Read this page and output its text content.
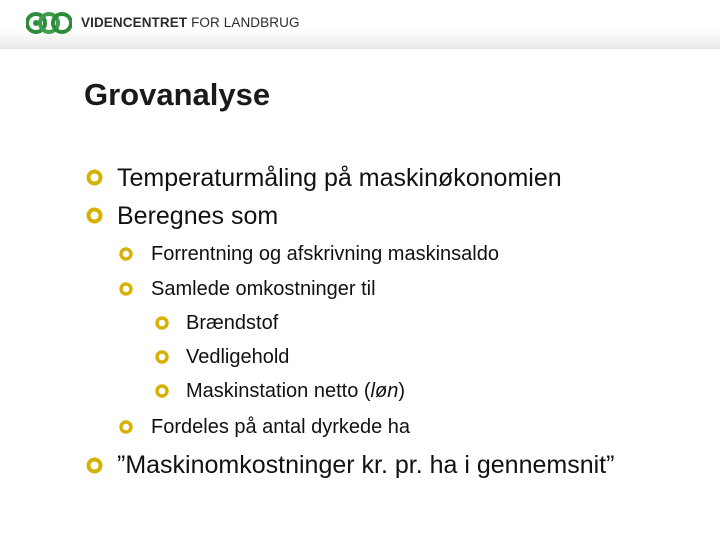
VIDENCENTRET FOR LANDBRUG
Grovanalyse
Temperaturmåling på maskinøkonomien
Beregnes som
Forrentning og afskrivning maskinsaldo
Samlede omkostninger til
Brændstof
Vedligehold
Maskinstation netto (løn)
Fordeles på antal dyrkede ha
”Maskinomkostninger kr. pr. ha i gennemsnit”
